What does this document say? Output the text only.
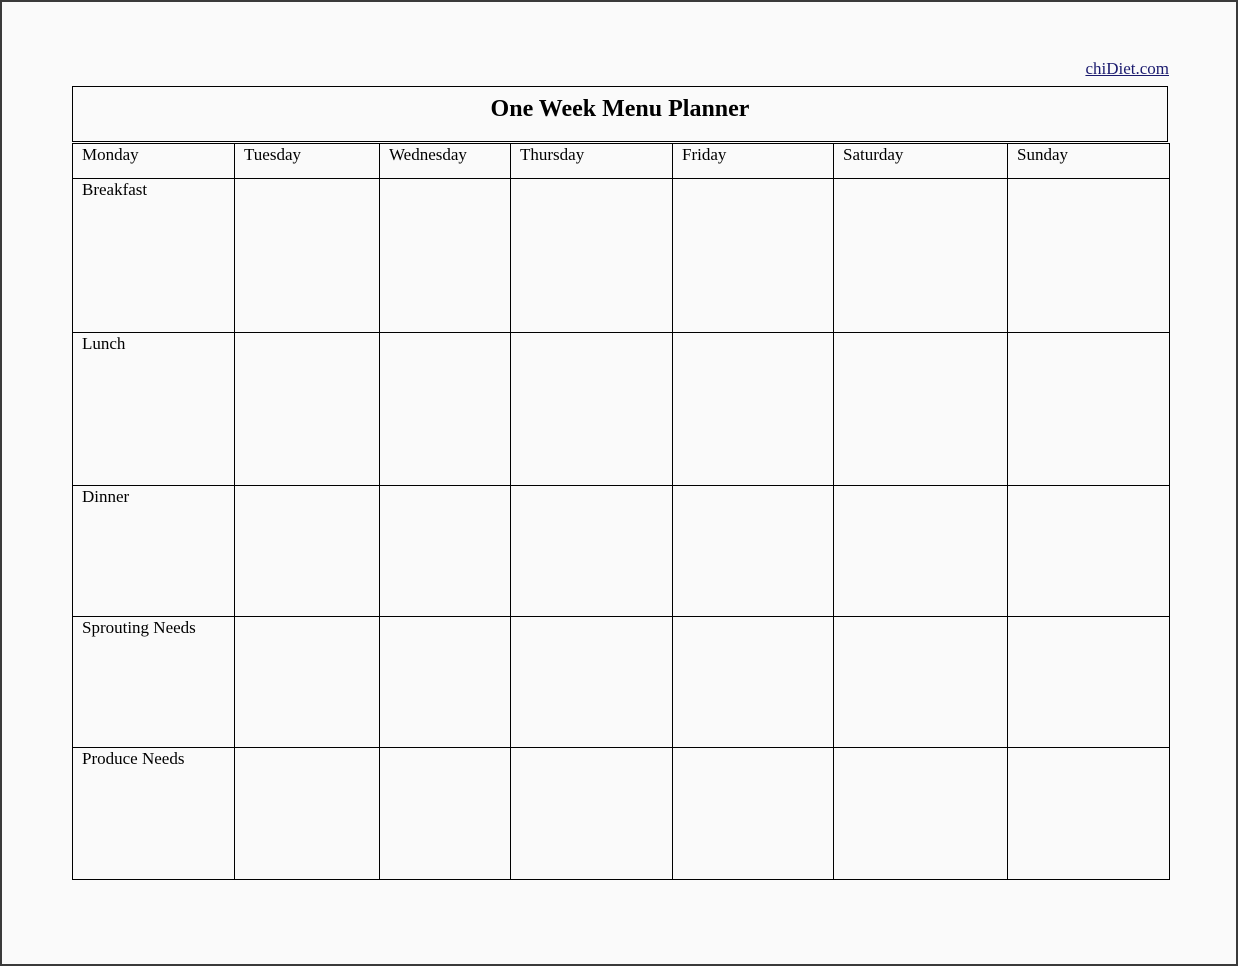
chiDiet.com
One Week Menu Planner
Monday	Tuesday	Wednesday	Thursday	Friday	Saturday	Sunday
Breakfast						
Lunch						
Dinner						
Sprouting Needs						
Produce Needs						
